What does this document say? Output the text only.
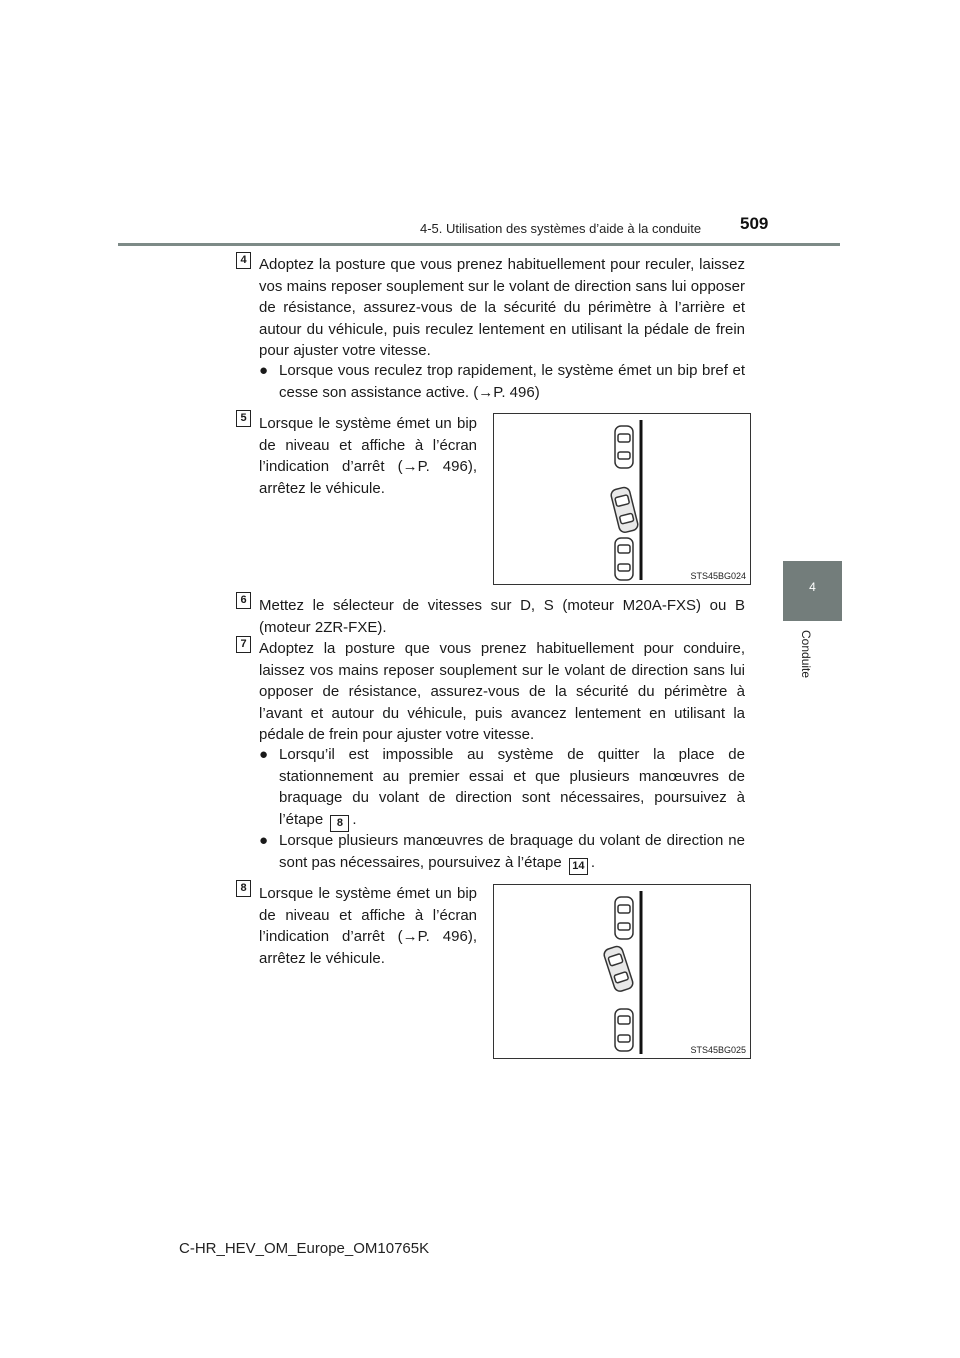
4-5. Utilisation des systèmes d’aide à la conduite 509
4
Conduite
4 Adoptez la posture que vous prenez habituellement pour reculer, laissez vos mains reposer souplement sur le volant de direction sans lui opposer de résistance, assurez-vous de la sécurité du périmètre à l’arrière et autour du véhicule, puis reculez lentement en utilisant la pédale de frein pour ajuster votre vitesse.
● Lorsque vous reculez trop rapidement, le système émet un bip bref et cesse son assistance active. (→P. 496)
5 Lorsque le système émet un bip de niveau et affiche à l’écran l’indication d’arrêt (→P. 496), arrêtez le véhicule.
STS45BG024
6 Mettez le sélecteur de vitesses sur D, S (moteur M20A-FXS) ou B (moteur 2ZR-FXE).
7 Adoptez la posture que vous prenez habituellement pour conduire, laissez vos mains reposer souplement sur le volant de direction sans lui opposer de résistance, assurez-vous de la sécurité du périmètre à l’avant et autour du véhicule, puis avancez lentement en utilisant la pédale de frein pour ajuster votre vitesse.
● Lorsqu’il est impossible au système de quitter la place de stationnement au premier essai et que plusieurs manœuvres de braquage du volant de direction sont nécessaires, poursuivez à l’étape 8 .
● Lorsque plusieurs manœuvres de braquage du volant de direction ne sont pas nécessaires, poursuivez à l’étape 14 .
8 Lorsque le système émet un bip de niveau et affiche à l’écran l’indication d’arrêt (→P. 496), arrêtez le véhicule.
STS45BG025
C-HR_HEV_OM_Europe_OM10765K
